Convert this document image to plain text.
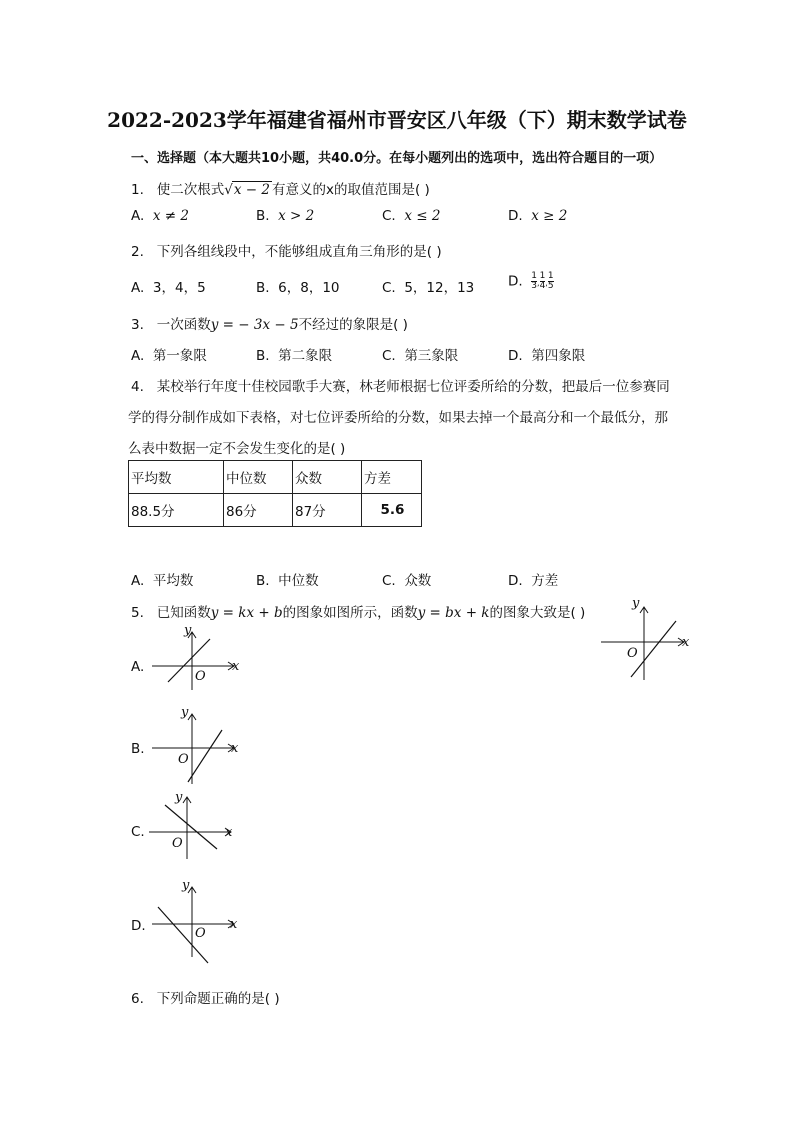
2022-2023学年福建省福州市晋安区八年级（下）期末数学试卷
一、选择题（本大题共10小题，共40.0分。在每小题列出的选项中，选出符合题目的一项）
1. 使二次根式√x − 2 有意义的x的取值范围是( )
A. x ≠ 2	B. x > 2	C. x ≤ 2	D. x ≥ 2
2. 下列各组线段中，不能够组成直角三角形的是( )
A. 3，4，5	B. 6，8，10	C. 5，12，13 D. $\frac{1}{3}$, $\frac{1}{4}$, $\frac{1}{5}$
3. 一次函数y = − 3x − 5不经过的象限是( )
A. 第一象限	B. 第二象限	C. 第三象限	D. 第四象限
4. 某校举行年度十佳校园歌手大赛，林老师根据七位评委所给的分数，把最后一位参赛同
学的得分制作成如下表格，对七位评委所给的分数，如果去掉一个最高分和一个最低分，那
么表中数据一定不会发生变化的是( )
平均数	中位数	众数	方差
88.5分	86分	87分	5.6
A. 平均数	B. 中位数	C. 众数	D. 方差
5. 已知函数y = kx + b的图象如图所示，函数y = bx + k的图象大致是( )
y
x
O
A.
y
x
O
B.
y
x
O
C.
y
x
O
D.
y
x
O
6. 下列命题正确的是( )
